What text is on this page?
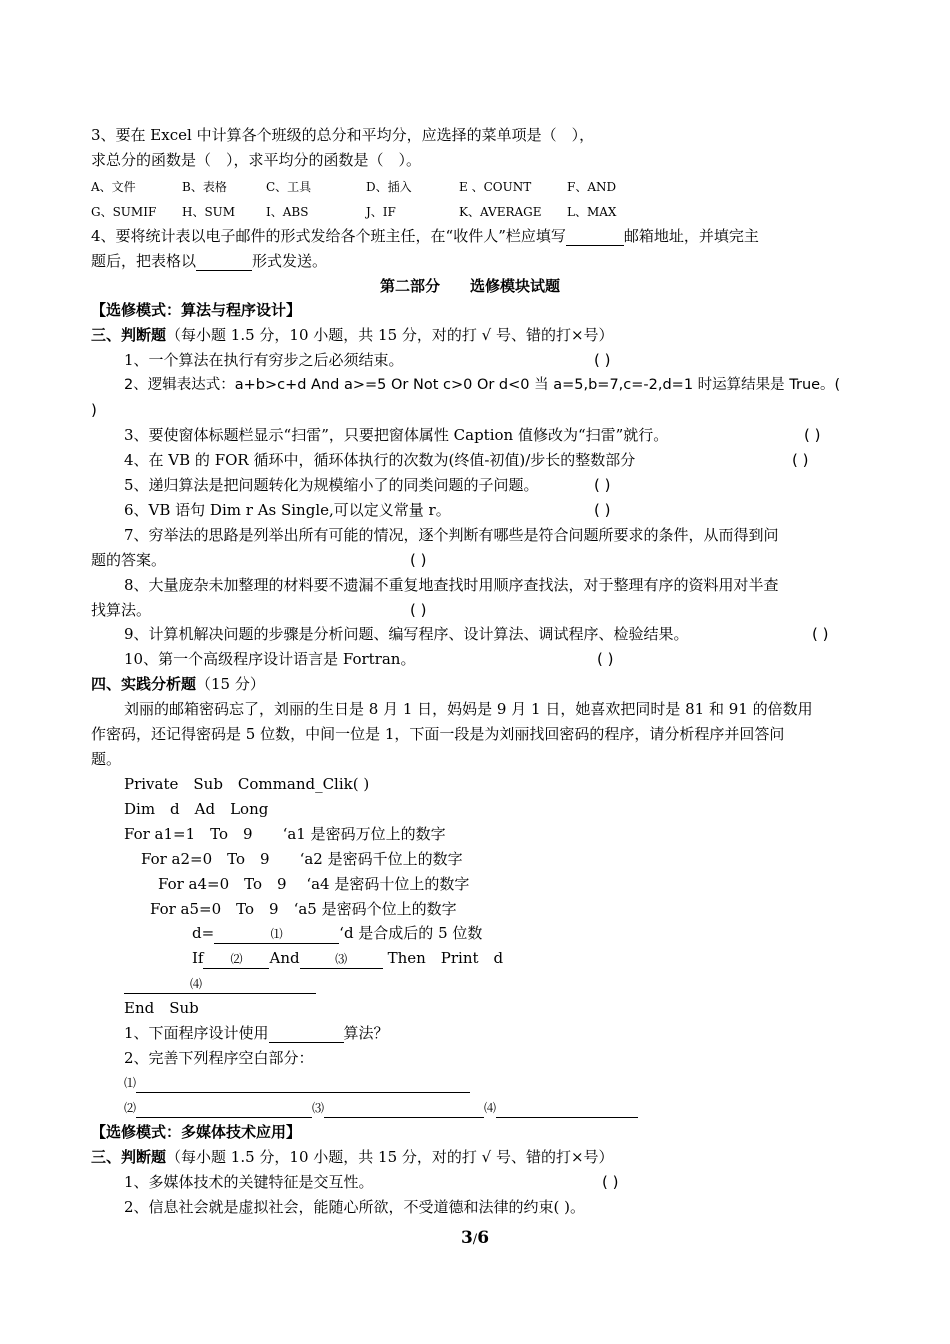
3、要在 Excel 中计算各个班级的总分和平均分，应选择的菜单项是（　），
求总分的函数是（　），求平均分的函数是（　）。
A、文件	B、表格	C、工具	D、插入	E 、COUNT	F、AND
G、SUMIF H、SUM	I、ABS	J、IF	K、AVERAGE L、MAX
4、要将统计表以电子邮件的形式发给各个班主任，在“收件人”栏应填写	邮箱地址，并填完主
题后，把表格以	形式发送。
第二部分　　选修模块试题
【选修模式：算法与程序设计】
三、判断题（每小题 1.5 分，10 小题，共 15 分，对的打 √ 号、错的打×号）
1、一个算法在执行有穷步之后必须结束。	( )
2、逻辑表达式：a+b>c+d And a>=5 Or Not c>0 Or d<0 当 a=5,b=7,c=-2,d=1 时运算结果是 True。(
)
3、要使窗体标题栏显示“扫雷”，只要把窗体属性 Caption 值修改为“扫雷”就行。	( )
4、在 VB 的 FOR 循环中，循环体执行的次数为(终值-初值)/步长的整数部分	( )
5、递归算法是把问题转化为规模缩小了的同类问题的子问题。	( )
6、VB 语句 Dim r As Single,可以定义常量 r。	( )
7、穷举法的思路是列举出所有可能的情况，逐个判断有哪些是符合问题所要求的条件，从而得到问
题的答案。	( )
8、大量庞杂未加整理的材料要不遗漏不重复地查找时用顺序查找法，对于整理有序的资料用对半查
找算法。	( )
9、计算机解决问题的步骤是分析问题、编写程序、设计算法、调试程序、检验结果。	( )
10、第一个高级程序设计语言是 Fortran。	( )
四、实践分析题（15 分）
刘丽的邮箱密码忘了，刘丽的生日是 8 月 1 日，妈妈是 9 月 1 日，她喜欢把同时是 81 和 91 的倍数用
作密码，还记得密码是 5 位数，中间一位是 1，下面一段是为刘丽找回密码的程序，请分析程序并回答问
题。
Private　Sub　Command_Clik( )
Dim　d　Ad　Long
For a1=1　To　9　　‘a1 是密码万位上的数字
For a2=0　To　9　　‘a2 是密码千位上的数字
For a4=0　To　9　 ‘a4 是密码十位上的数字
For a5=0　To　9　‘a5 是密码个位上的数字
d=	⑴	‘d 是合成后的 5 位数
If ⑵ And	⑶	Then　Print　d
⑷
End　Sub
1、下面程序设计使用	算法？
2、完善下列程序空白部分：
⑴
⑵	⑶	⑷
【选修模式：多媒体技术应用】
三、判断题（每小题 1.5 分，10 小题，共 15 分，对的打 √ 号、错的打×号）
1、多媒体技术的关键特征是交互性。	( )
2、信息社会就是虚拟社会，能随心所欲，不受道德和法律的约束( )。
3/6
